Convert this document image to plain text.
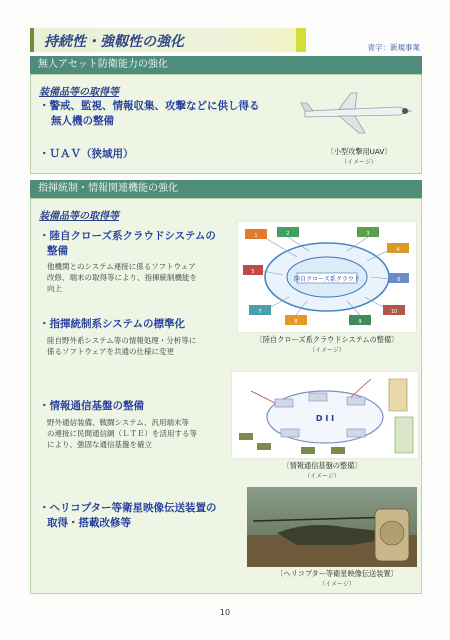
持続性・強靱性の強化	青字：新規事業
無人アセット防衛能力の強化
装備品等の取得等
・警戒、監視、情報収集、攻撃などに供し得る
無人機の整備
・ＵＡＶ（狭域用）	〔小型攻撃用UAV〕
（イメージ）
指揮統制・情報関連機能の強化
装備品等の取得等
・陸自クローズ系クラウドシステムの
整備
他機関とのシステム連接に係るソフトウェア
改修、端末の取得等により、指揮統制機能を
向上
陸自クローズ系クラウド
1	2	3
4
5
6
7
8	9
10
〔陸自クローズ系クラウドシステムの整備〕
（イメージ）
・指揮統制系システムの標準化
陸自野外系システム等の情報処理・分析等に
係るソフトウェアを共通の仕様に変更
D I I
〔情報通信基盤の整備〕
（イメージ）
・情報通信基盤の整備
野外通信装備、戦闘システム、汎用端末等
の連接に民間通信網（ＬＴＥ）を活用する等
により、強固な通信基盤を確立
・ヘリコプター等衛星映像伝送装置の
取得・搭載改修等
〔ヘリコプター等衛星映像伝送装置〕
（イメージ）
10
